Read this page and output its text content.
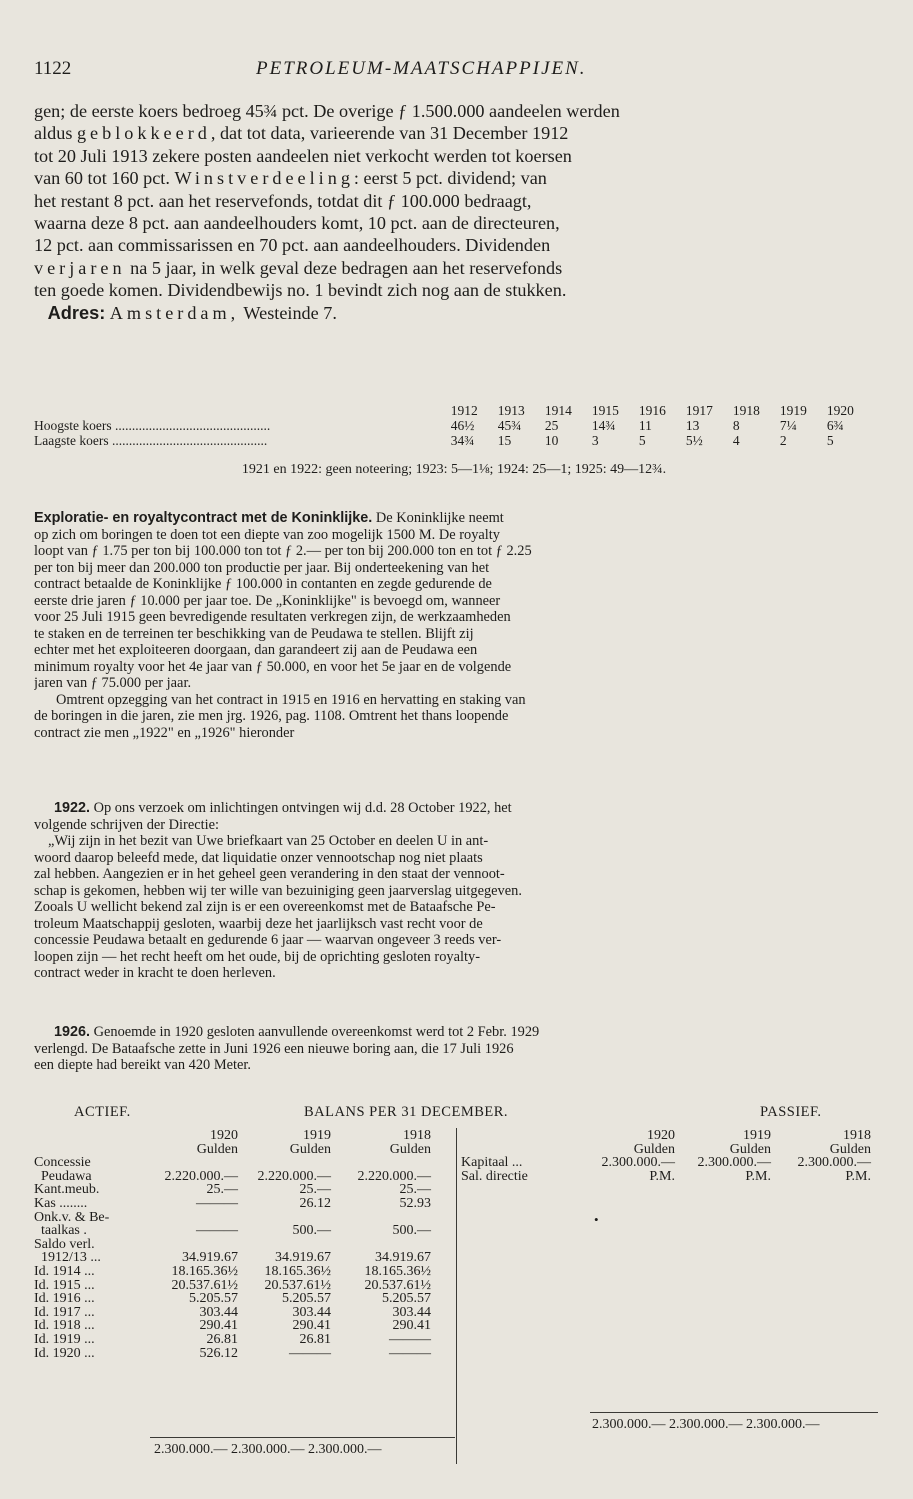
1122	PETROLEUM-MAATSCHAPPIJEN.
gen; de eerste koers bedroeg 45¾ pct. De overige ƒ 1.500.000 aandeelen werden
aldus geblokkeerd, dat tot data, varieerende van 31 December 1912
tot 20 Juli 1913 zekere posten aandeelen niet verkocht werden tot koersen
van 60 tot 160 pct. Winstverdeeling: eerst 5 pct. dividend; van
het restant 8 pct. aan het reservefonds, totdat dit ƒ 100.000 bedraagt,
waarna deze 8 pct. aan aandeelhouders komt, 10 pct. aan de directeuren,
12 pct. aan commissarissen en 70 pct. aan aandeelhouders. Dividenden
verjaren na 5 jaar, in welk geval deze bedragen aan het reservefonds
ten goede komen. Dividendbewijs no. 1 bevindt zich nog aan de stukken.
Adres: Amsterdam, Westeinde 7.
	1912	1913	1914	1915	1916	1917	1918	1919	1920
Hoogste koers ..............................................	46½	45¾	25	14¾	11	13	8	7¼	6¾
Laagste koers ..............................................	34¾	15	10	3	5	5½	4	2	5
1921 en 1922: geen noteering; 1923: 5—1⅛; 1924: 25—1; 1925: 49—12¾.
Exploratie- en royaltycontract met de Koninklijke. De Koninklijke neemt
op zich om boringen te doen tot een diepte van zoo mogelijk 1500 M. De royalty
loopt van ƒ 1.75 per ton bij 100.000 ton tot ƒ 2.— per ton bij 200.000 ton en tot ƒ 2.25
per ton bij meer dan 200.000 ton productie per jaar. Bij onderteekening van het
contract betaalde de Koninklijke ƒ 100.000 in contanten en zegde gedurende de
eerste drie jaren ƒ 10.000 per jaar toe. De „Koninklijke" is bevoegd om, wanneer
voor 25 Juli 1915 geen bevredigende resultaten verkregen zijn, de werkzaamheden
te staken en de terreinen ter beschikking van de Peudawa te stellen. Blijft zij
echter met het exploiteeren doorgaan, dan garandeert zij aan de Peudawa een
minimum royalty voor het 4e jaar van ƒ 50.000, en voor het 5e jaar en de volgende
jaren van ƒ 75.000 per jaar.
Omtrent opzegging van het contract in 1915 en 1916 en hervatting en staking van
de boringen in die jaren, zie men jrg. 1926, pag. 1108. Omtrent het thans loopende
contract zie men „1922" en „1926" hieronder
1922. Op ons verzoek om inlichtingen ontvingen wij d.d. 28 October 1922, het
volgende schrijven der Directie:
„Wij zijn in het bezit van Uwe briefkaart van 25 October en deelen U in ant-
woord daarop beleefd mede, dat liquidatie onzer vennootschap nog niet plaats
zal hebben. Aangezien er in het geheel geen verandering in den staat der vennoot-
schap is gekomen, hebben wij ter wille van bezuiniging geen jaarverslag uitgegeven.
Zooals U wellicht bekend zal zijn is er een overeenkomst met de Bataafsche Pe-
troleum Maatschappij gesloten, waarbij deze het jaarlijksch vast recht voor de
concessie Peudawa betaalt en gedurende 6 jaar — waarvan ongeveer 3 reeds ver-
loopen zijn — het recht heeft om het oude, bij de oprichting gesloten royalty-
contract weder in kracht te doen herleven.
1926. Genoemde in 1920 gesloten aanvullende overeenkomst werd tot 2 Febr. 1929
verlengd. De Bataafsche zette in Juni 1926 een nieuwe boring aan, die 17 Juli 1926
een diepte had bereikt van 420 Meter.
ACTIEF.	BALANS PER 31 DECEMBER.	PASSIEF.
	1920	1919	1918
	Gulden	Gulden	Gulden
Concessie			
Peudawa	2.220.000.—	2.220.000.—	2.220.000.—
Kant.meub.	25.—	25.—	25.—
Kas ........	———	26.12	52.93
Onk.v. & Be-			
taalkas .	———	500.—	500.—
Saldo verl.			
1912/13 ...	34.919.67	34.919.67	34.919.67
Id. 1914 ...	18.165.36½	18.165.36½	18.165.36½
Id. 1915 ...	20.537.61½	20.537.61½	20.537.61½
Id. 1916 ...	5.205.57	5.205.57	5.205.57
Id. 1917 ...	303.44	303.44	303.44
Id. 1918 ...	290.41	290.41	290.41
Id. 1919 ...	26.81	26.81	———
Id. 1920 ...	526.12	———	———
	1920	1919	1918
	Gulden	Gulden	Gulden
Kapitaal ...	2.300.000.—	2.300.000.—	2.300.000.—
Sal. directie	P.M.	P.M.	P.M.
•
2.300.000.— 2.300.000.— 2.300.000.—
2.300.000.— 2.300.000.— 2.300.000.—
